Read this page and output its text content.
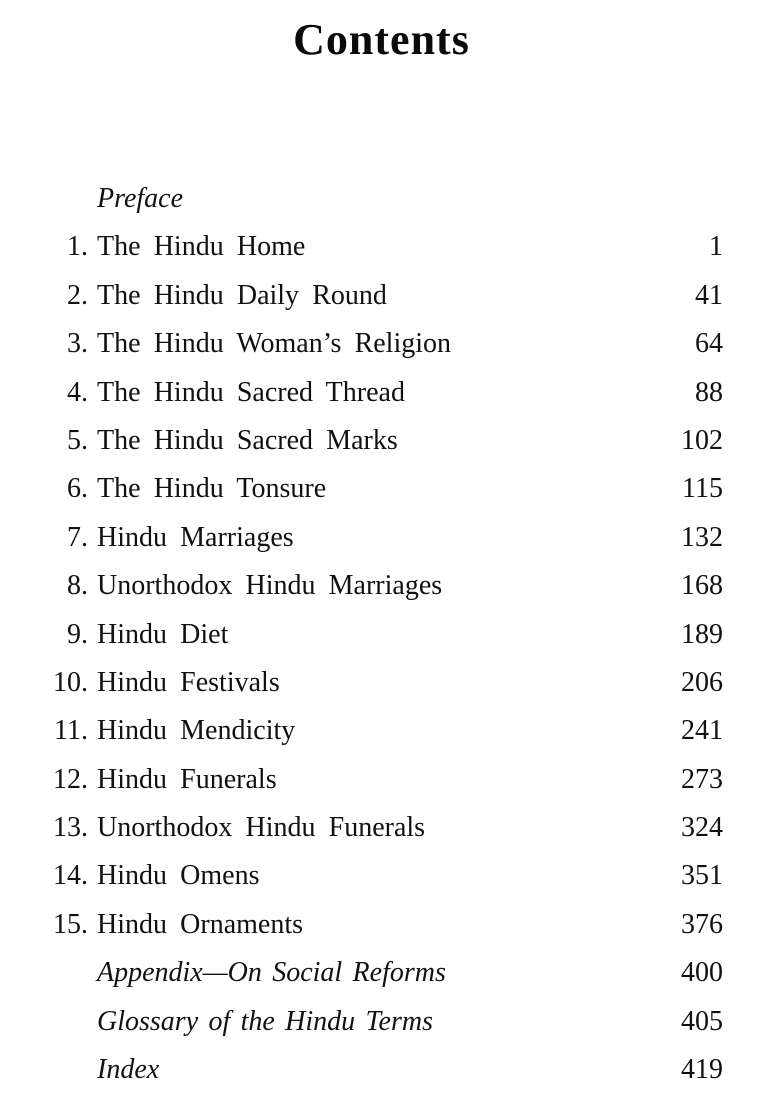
Contents
Preface
1. The Hindu Home	1
2. The Hindu Daily Round	41
3. The Hindu Woman’s Religion	64
4. The Hindu Sacred Thread	88
5. The Hindu Sacred Marks	102
6. The Hindu Tonsure	115
7. Hindu Marriages	132
8. Unorthodox Hindu Marriages	168
9. Hindu Diet	189
10. Hindu Festivals	206
11. Hindu Mendicity	241
12. Hindu Funerals	273
13. Unorthodox Hindu Funerals	324
14. Hindu Omens	351
15. Hindu Ornaments	376
Appendix—On Social Reforms	400
Glossary of the Hindu Terms	405
Index	419
